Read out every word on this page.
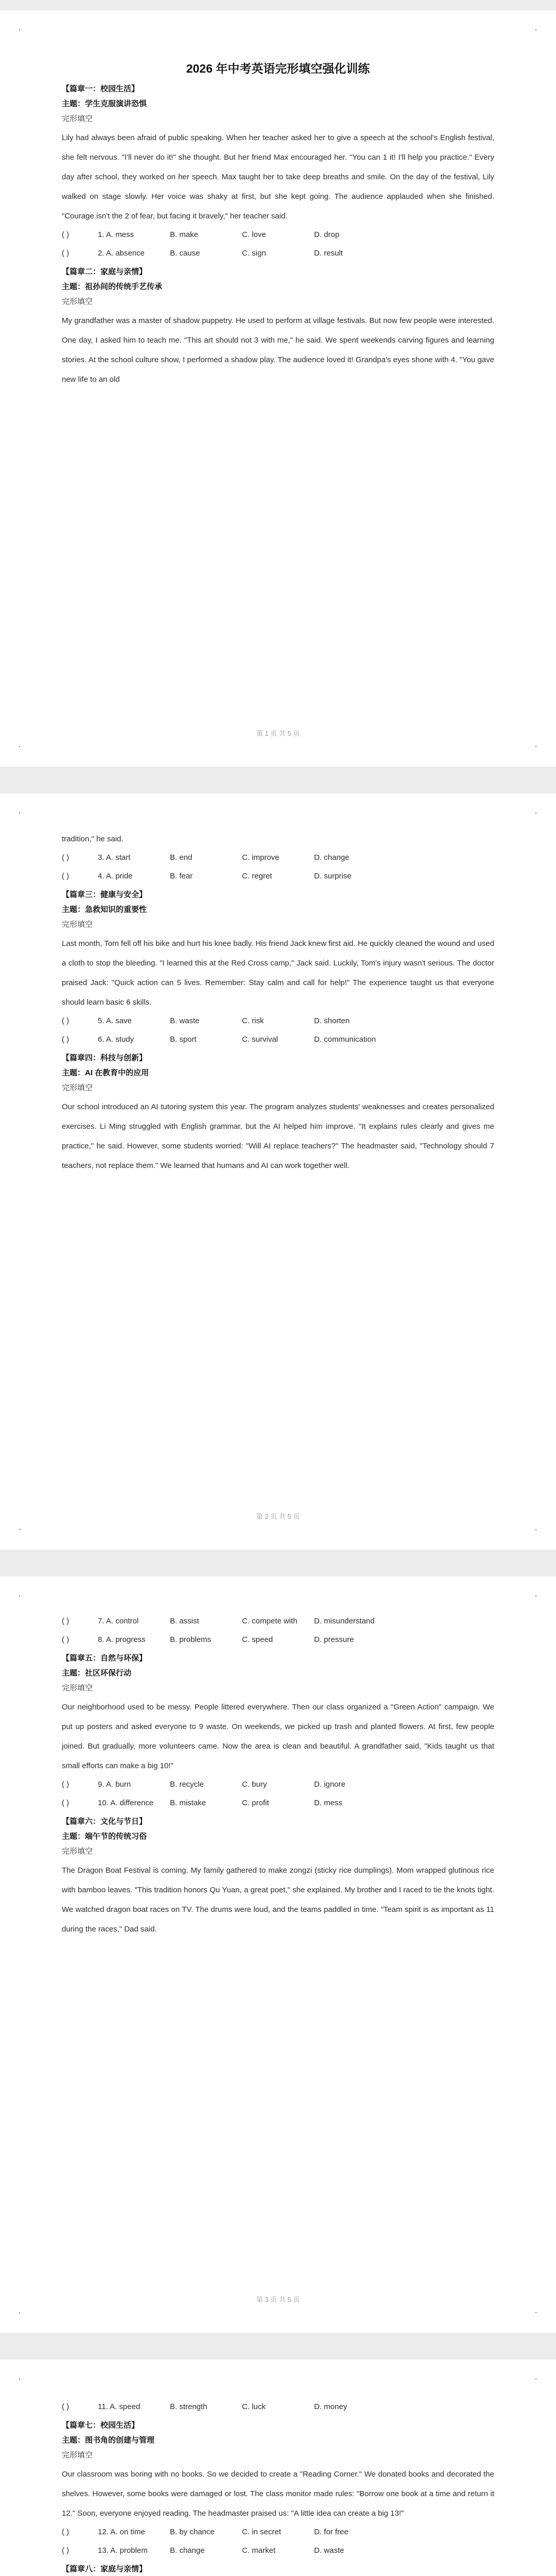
·	·
·	·
2026 年中考英语完形填空强化训练
【篇章一：校园生活】
主题：学生克服演讲恐惧
完形填空
Lily had always been afraid of public speaking. When her teacher asked her to give a speech at the school's English festival, she felt nervous. "I'll never do it!" she thought. But her friend Max encouraged her. "You can 1 it! I'll help you practice." Every day after school, they worked on her speech. Max taught her to take deep breaths and smile. On the day of the festival, Lily walked on stage slowly. Her voice was shaky at first, but she kept going. The audience applauded when she finished. "Courage isn't the 2 of fear, but facing it bravely," her teacher said.
( )	1. A. mess	B. make	C. love	D. drop
( )	2. A. absence	B. cause	C. sign	D. result
【篇章二：家庭与亲情】
主题：祖孙间的传统手艺传承
完形填空
My grandfather was a master of shadow puppetry. He used to perform at village festivals. But now few people were interested. One day, I asked him to teach me. "This art should not 3 with me," he said. We spent weekends carving figures and learning stories. At the school culture show, I performed a shadow play. The audience loved it! Grandpa's eyes shone with 4. "You gave new life to an old
第 1 页 共 5 页
·	·
·	·
tradition," he said.
( )	3. A. start	B. end	C. improve	D. change
( )	4. A. pride	B. fear	C. regret	D. surprise
【篇章三：健康与安全】
主题：急救知识的重要性
完形填空
Last month, Tom fell off his bike and hurt his knee badly. His friend Jack knew first aid. He quickly cleaned the wound and used a cloth to stop the bleeding. "I learned this at the Red Cross camp," Jack said. Luckily, Tom's injury wasn't serious. The doctor praised Jack: "Quick action can 5 lives. Remember: Stay calm and call for help!" The experience taught us that everyone should learn basic 6 skills.
( )	5. A. save	B. waste	C. risk	D. shorten
( )	6. A. study	B. sport	C. survival	D. communication
【篇章四：科技与创新】
主题：AI 在教育中的应用
完形填空
Our school introduced an AI tutoring system this year. The program analyzes students' weaknesses and creates personalized exercises. Li Ming struggled with English grammar, but the AI helped him improve. "It explains rules clearly and gives me practice," he said. However, some students worried: "Will AI replace teachers?" The headmaster said, "Technology should 7 teachers, not replace them." We learned that humans and AI can work together well.
第 2 页 共 5 页
·	·
·	·
( )	7. A. control	B. assist	C. compete with	D. misunderstand
( )	8. A. progress	B. problems	C. speed	D. pressure
【篇章五：自然与环保】
主题：社区环保行动
完形填空
Our neighborhood used to be messy. People littered everywhere. Then our class organized a "Green Action" campaign. We put up posters and asked everyone to 9 waste. On weekends, we picked up trash and planted flowers. At first, few people joined. But gradually, more volunteers came. Now the area is clean and beautiful. A grandfather said, "Kids taught us that small efforts can make a big 10!"
( )	9. A. burn	B. recycle	C. bury	D. ignore
( )	10. A. difference	B. mistake	C. profit	D. mess
【篇章六：文化与节日】
主题：端午节的传统习俗
完形填空
The Dragon Boat Festival is coming. My family gathered to make zongzi (sticky rice dumplings). Mom wrapped glutinous rice with bamboo leaves. "This tradition honors Qu Yuan, a great poet," she explained. My brother and I raced to tie the knots tight. We watched dragon boat races on TV. The drums were loud, and the teams paddled in time. "Team spirit is as important as 11 during the races," Dad said.
第 3 页 共 5 页
·	·
( )	11. A. speed	B. strength	C. luck	D. money
【篇章七：校园生活】
主题：图书角的创建与管理
完形填空
Our classroom was boring with no books. So we decided to create a "Reading Corner." We donated books and decorated the shelves. However, some books were damaged or lost. The class monitor made rules: "Borrow one book at a time and return it 12." Soon, everyone enjoyed reading. The headmaster praised us: "A little idea can create a big 13!"
( )	12. A. on time	B. by chance	C. in secret	D. for free
( )	13. A. problem	B. change	C. market	D. waste
【篇章八：家庭与亲情】
